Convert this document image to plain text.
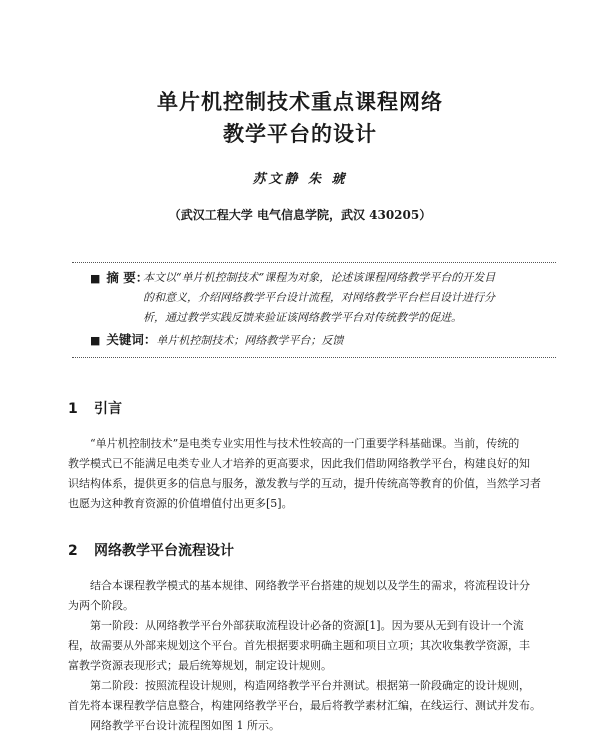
单片机控制技术重点课程网络
教学平台的设计
苏文静 朱 琥
（武汉工程大学 电气信息学院，武汉 430205）
■ 摘 要：
本文以“单片机控制技术”课程为对象，论述该课程网络教学平台的开发目
的和意义，介绍网络教学平台设计流程，对网络教学平台栏目设计进行分
析，通过教学实践反馈来验证该网络教学平台对传统教学的促进。
■ 关键词：单片机控制技术；网络教学平台；反馈
1 引言
“单片机控制技术”是电类专业实用性与技术性较高的一门重要学科基础课。当前，传统的
教学模式已不能满足电类专业人才培养的更高要求，因此我们借助网络教学平台，构建良好的知
识结构体系，提供更多的信息与服务，激发教与学的互动，提升传统高等教育的价值，当然学习者
也愿为这种教育资源的价值增值付出更多[5]。
2 网络教学平台流程设计
结合本课程教学模式的基本规律、网络教学平台搭建的规划以及学生的需求，将流程设计分
为两个阶段。
第一阶段：从网络教学平台外部获取流程设计必备的资源[1]。因为要从无到有设计一个流
程，故需要从外部来规划这个平台。首先根据要求明确主题和项目立项；其次收集教学资源，丰
富教学资源表现形式；最后统筹规划，制定设计规则。
第二阶段：按照流程设计规则，构造网络教学平台并测试。根据第一阶段确定的设计规则，
首先将本课程教学信息整合，构建网络教学平台，最后将教学素材汇编，在线运行、测试并发布。
网络教学平台设计流程图如图 1 所示。
